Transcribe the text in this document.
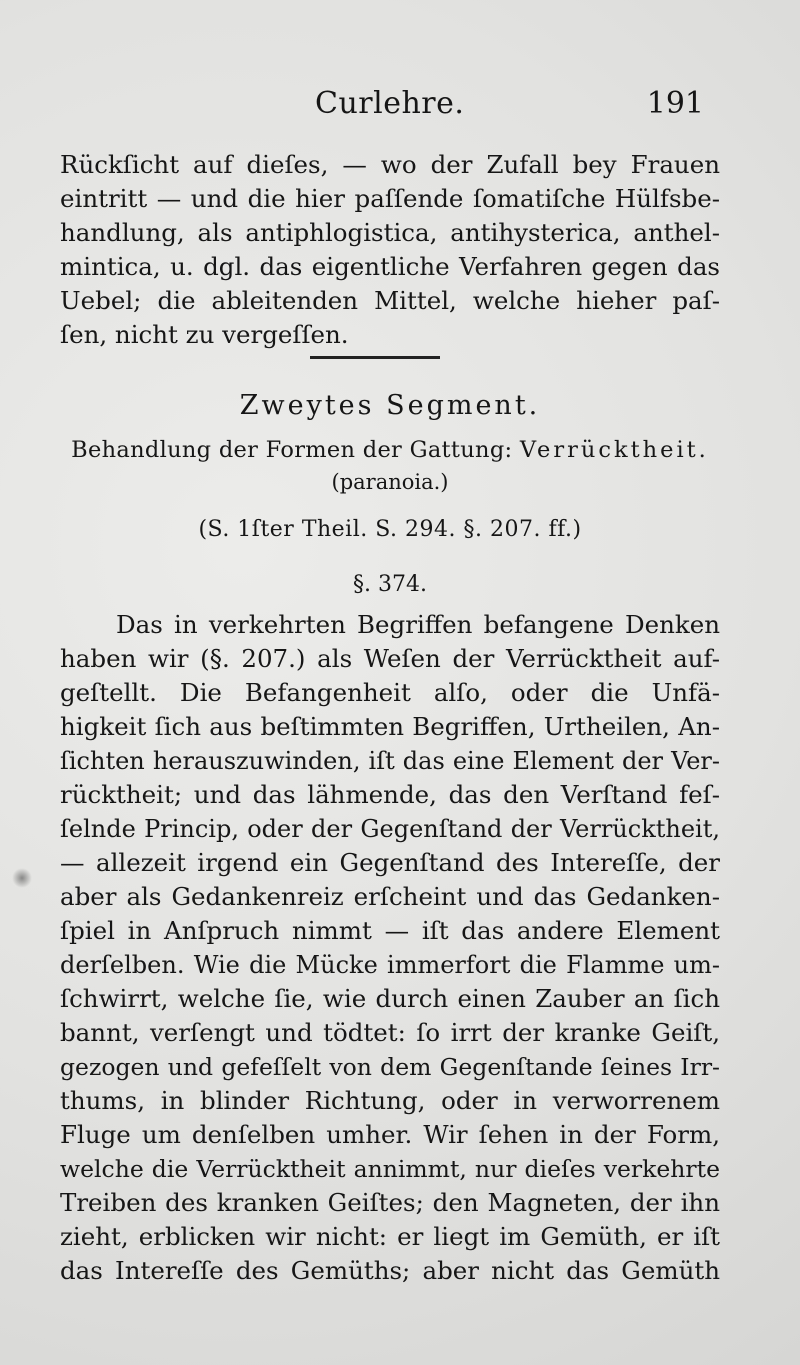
Curlehre.	191
Rückſicht auf dieſes, — wo der Zufall bey Frauen
eintritt — und die hier paſſende ſomatiſche Hülfsbe-
handlung, als antiphlogistica, antihysterica, anthel-
mintica, u. dgl. das eigentliche Verfahren gegen das
Uebel; die ableitenden Mittel, welche hieher paſ-
ſen, nicht zu vergeſſen.
Zweytes Segment.
Behandlung der Formen der Gattung: Verrücktheit.
(paranoia.)
(S. 1ſter Theil. S. 294. §. 207. ff.)
§. 374.
Das in verkehrten Begriffen befangene Denken
haben wir (§. 207.) als Weſen der Verrücktheit auf-
geſtellt. Die Befangenheit alſo, oder die Unfä-
higkeit ſich aus beſtimmten Begriffen, Urtheilen, An-
ſichten herauszuwinden, iſt das eine Element der Ver-
rücktheit; und das lähmende, das den Verſtand feſ-
ſelnde Princip, oder der Gegenſtand der Verrücktheit,
— allezeit irgend ein Gegenſtand des Intereſſe, der
aber als Gedankenreiz erſcheint und das Gedanken-
ſpiel in Anſpruch nimmt — iſt das andere Element
derſelben. Wie die Mücke immerfort die Flamme um-
ſchwirrt, welche ſie, wie durch einen Zauber an ſich
bannt, verſengt und tödtet: ſo irrt der kranke Geiſt,
gezogen und gefeſſelt von dem Gegenſtande ſeines Irr-
thums, in blinder Richtung, oder in verworrenem
Fluge um denſelben umher. Wir ſehen in der Form,
welche die Verrücktheit annimmt, nur dieſes verkehrte
Treiben des kranken Geiſtes; den Magneten, der ihn
zieht, erblicken wir nicht: er liegt im Gemüth, er iſt
das Intereſſe des Gemüths; aber nicht das Gemüth
